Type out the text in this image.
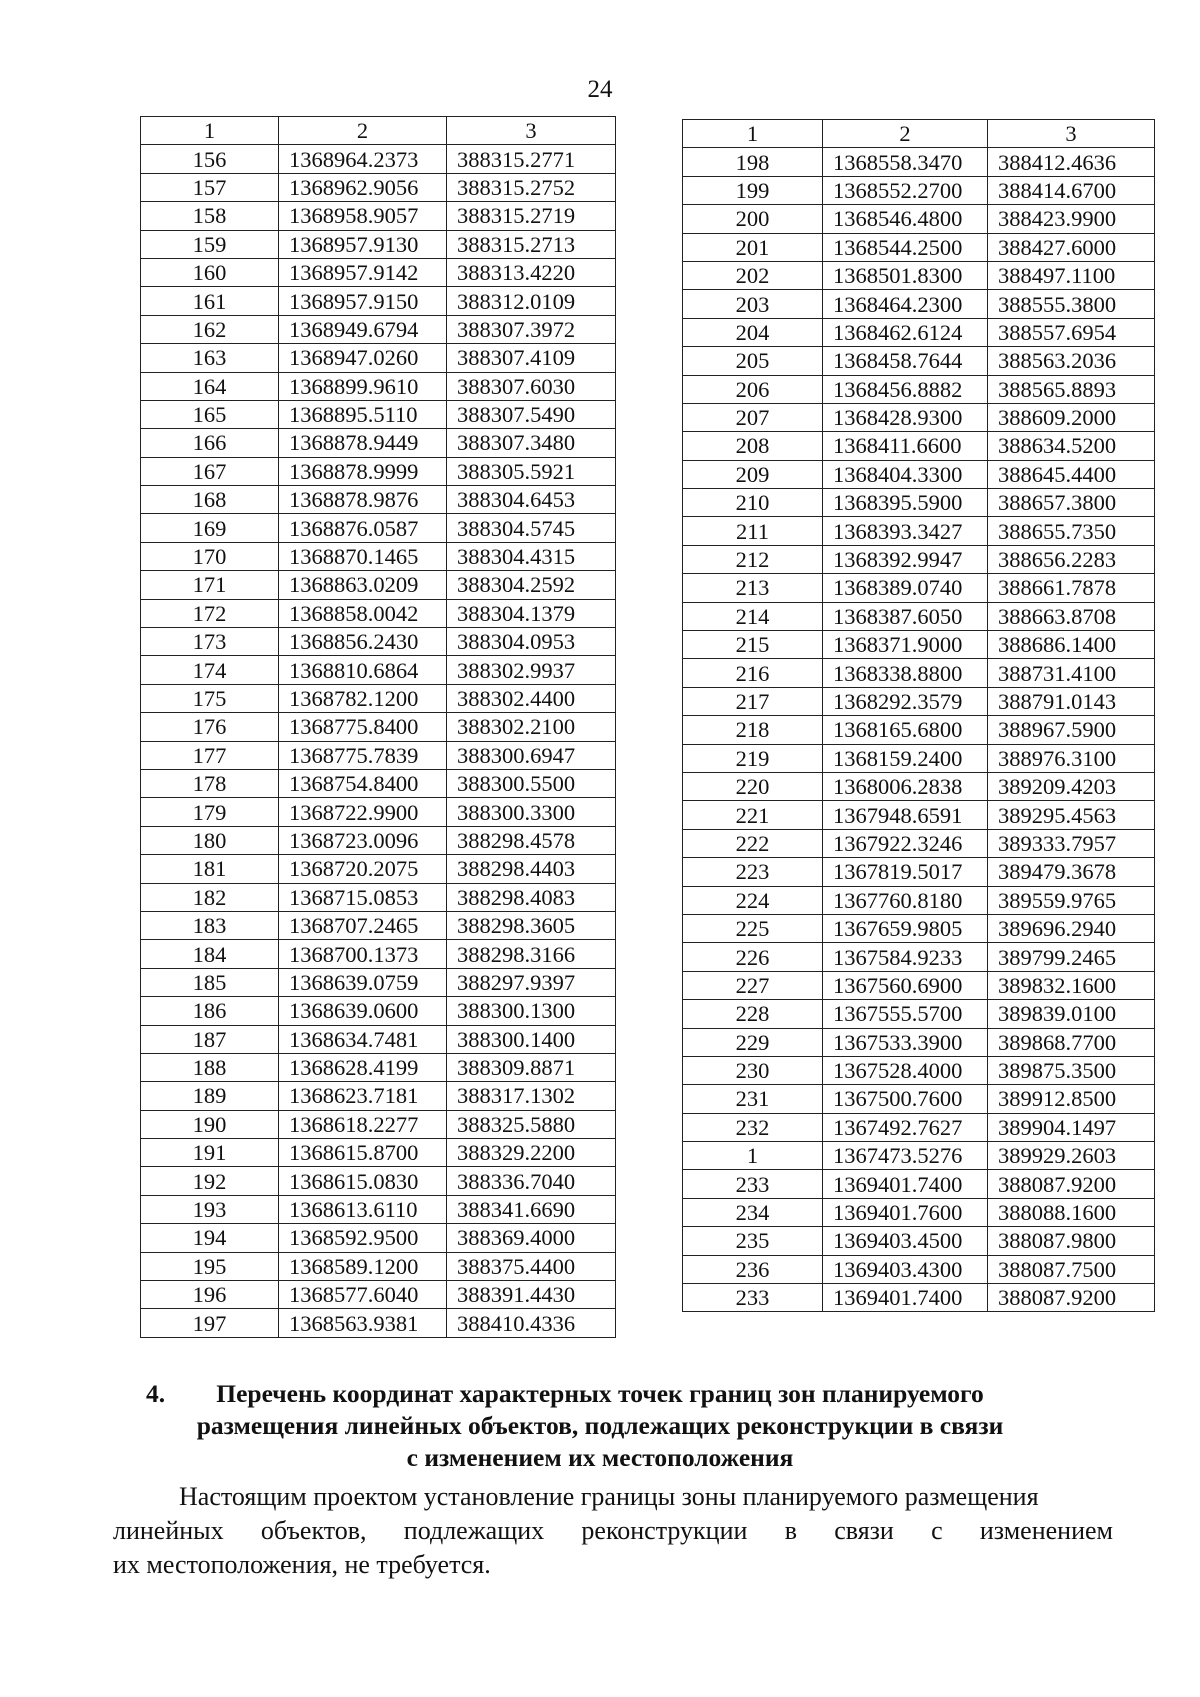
24
1	2	3
156	1368964.2373	388315.2771
157	1368962.9056	388315.2752
158	1368958.9057	388315.2719
159	1368957.9130	388315.2713
160	1368957.9142	388313.4220
161	1368957.9150	388312.0109
162	1368949.6794	388307.3972
163	1368947.0260	388307.4109
164	1368899.9610	388307.6030
165	1368895.5110	388307.5490
166	1368878.9449	388307.3480
167	1368878.9999	388305.5921
168	1368878.9876	388304.6453
169	1368876.0587	388304.5745
170	1368870.1465	388304.4315
171	1368863.0209	388304.2592
172	1368858.0042	388304.1379
173	1368856.2430	388304.0953
174	1368810.6864	388302.9937
175	1368782.1200	388302.4400
176	1368775.8400	388302.2100
177	1368775.7839	388300.6947
178	1368754.8400	388300.5500
179	1368722.9900	388300.3300
180	1368723.0096	388298.4578
181	1368720.2075	388298.4403
182	1368715.0853	388298.4083
183	1368707.2465	388298.3605
184	1368700.1373	388298.3166
185	1368639.0759	388297.9397
186	1368639.0600	388300.1300
187	1368634.7481	388300.1400
188	1368628.4199	388309.8871
189	1368623.7181	388317.1302
190	1368618.2277	388325.5880
191	1368615.8700	388329.2200
192	1368615.0830	388336.7040
193	1368613.6110	388341.6690
194	1368592.9500	388369.4000
195	1368589.1200	388375.4400
196	1368577.6040	388391.4430
197	1368563.9381	388410.4336
1	2	3
198	1368558.3470	388412.4636
199	1368552.2700	388414.6700
200	1368546.4800	388423.9900
201	1368544.2500	388427.6000
202	1368501.8300	388497.1100
203	1368464.2300	388555.3800
204	1368462.6124	388557.6954
205	1368458.7644	388563.2036
206	1368456.8882	388565.8893
207	1368428.9300	388609.2000
208	1368411.6600	388634.5200
209	1368404.3300	388645.4400
210	1368395.5900	388657.3800
211	1368393.3427	388655.7350
212	1368392.9947	388656.2283
213	1368389.0740	388661.7878
214	1368387.6050	388663.8708
215	1368371.9000	388686.1400
216	1368338.8800	388731.4100
217	1368292.3579	388791.0143
218	1368165.6800	388967.5900
219	1368159.2400	388976.3100
220	1368006.2838	389209.4203
221	1367948.6591	389295.4563
222	1367922.3246	389333.7957
223	1367819.5017	389479.3678
224	1367760.8180	389559.9765
225	1367659.9805	389696.2940
226	1367584.9233	389799.2465
227	1367560.6900	389832.1600
228	1367555.5700	389839.0100
229	1367533.3900	389868.7700
230	1367528.4000	389875.3500
231	1367500.7600	389912.8500
232	1367492.7627	389904.1497
1	1367473.5276	389929.2603
233	1369401.7400	388087.9200
234	1369401.7600	388088.1600
235	1369403.4500	388087.9800
236	1369403.4300	388087.7500
233	1369401.7400	388087.9200
4.	Перечень координат характерных точек границ зон планируемого
размещения линейных объектов, подлежащих реконструкции в связи
с изменением их местоположения
Настоящим проектом установление границы зоны планируемого размещения
линейных объектов, подлежащих реконструкции в связи с изменением
их местоположения, не требуется.
